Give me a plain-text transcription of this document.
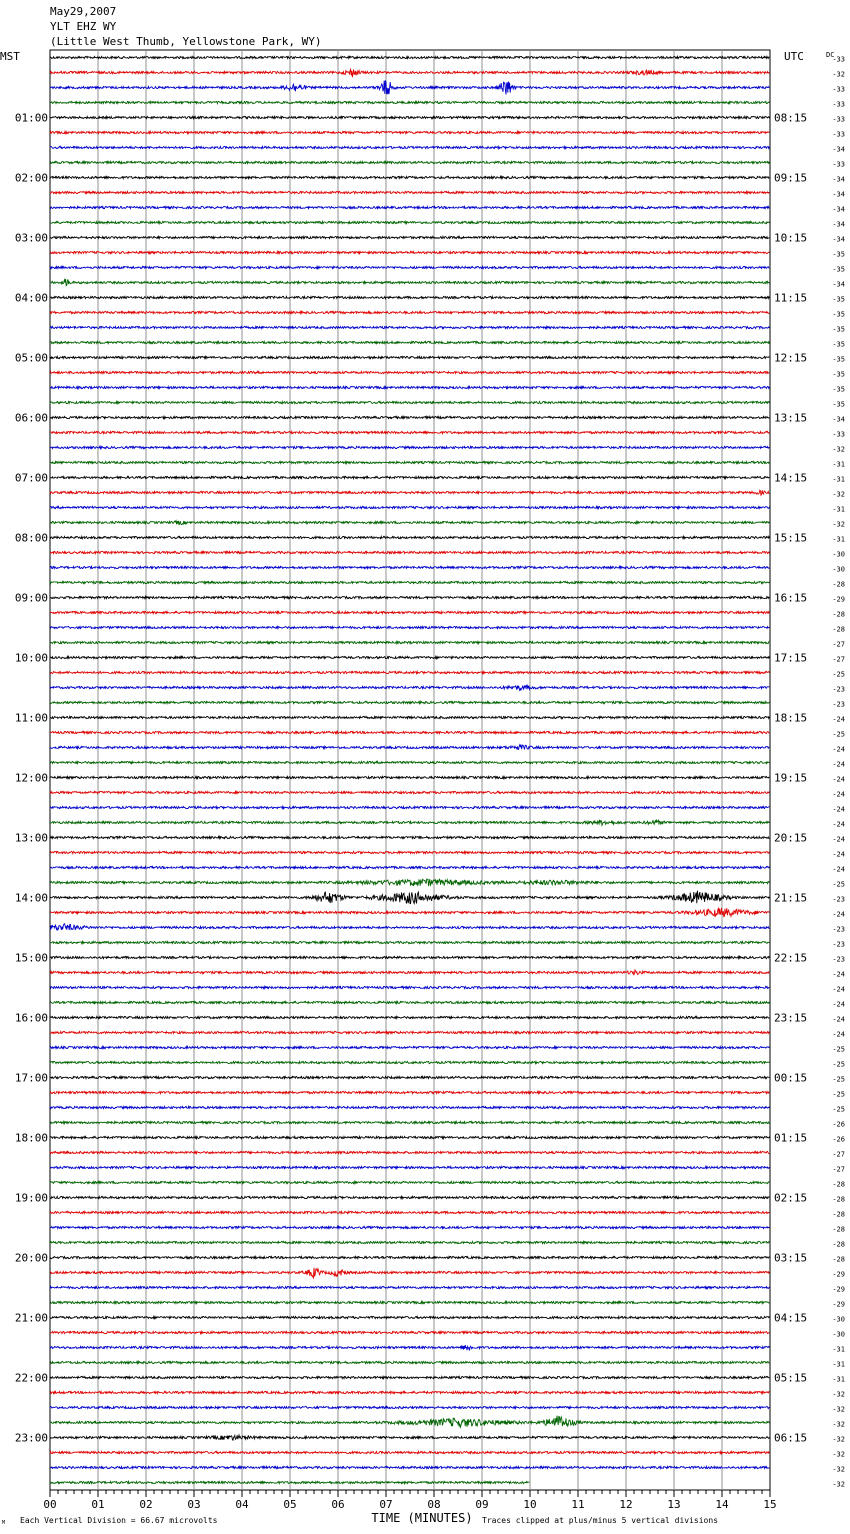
May29,2007
YLT EHZ WY
(Little West Thumb, Yellowstone Park, WY)
MST	UTC	DC
01:00
02:00
03:00
04:00
05:00
06:00
07:00
08:00
09:00
10:00
11:00
12:00
13:00
14:00
15:00
16:00
17:00
18:00
19:00
20:00
21:00
22:00
23:00
08:15
09:15
10:15
11:15
12:15
13:15
14:15
15:15
16:15
17:15
18:15
19:15
20:15
21:15
22:15
23:15
00:15
01:15
02:15
03:15
04:15
05:15
06:15
-33
-32
-33
-33
-33
-33
-34
-33
-34
-34
-34
-34
-34
-35
-35
-34
-35
-35
-35
-35
-35
-35
-35
-35
-34
-33
-32
-31
-31
-32
-31
-32
-31
-30
-30
-28
-29
-28
-28
-27
-27
-25
-23
-23
-24
-25
-24
-24
-24
-24
-24
-24
-24
-24
-24
-25
-23
-24
-23
-23
-23
-24
-24
-24
-24
-24
-25
-25
-25
-25
-25
-26
-26
-27
-27
-28
-28
-28
-28
-28
-28
-29
-29
-29
-30
-30
-31
-31
-31
-32
-32
-32
-32
-32
-32
-32
00	01	02	03	04	05	06	07	08	09	10	11	12	13	14	15
TIME (MINUTES)
Each Vertical Division = 66.67 microvolts	Traces clipped at plus/minus 5 vertical divisions
M
